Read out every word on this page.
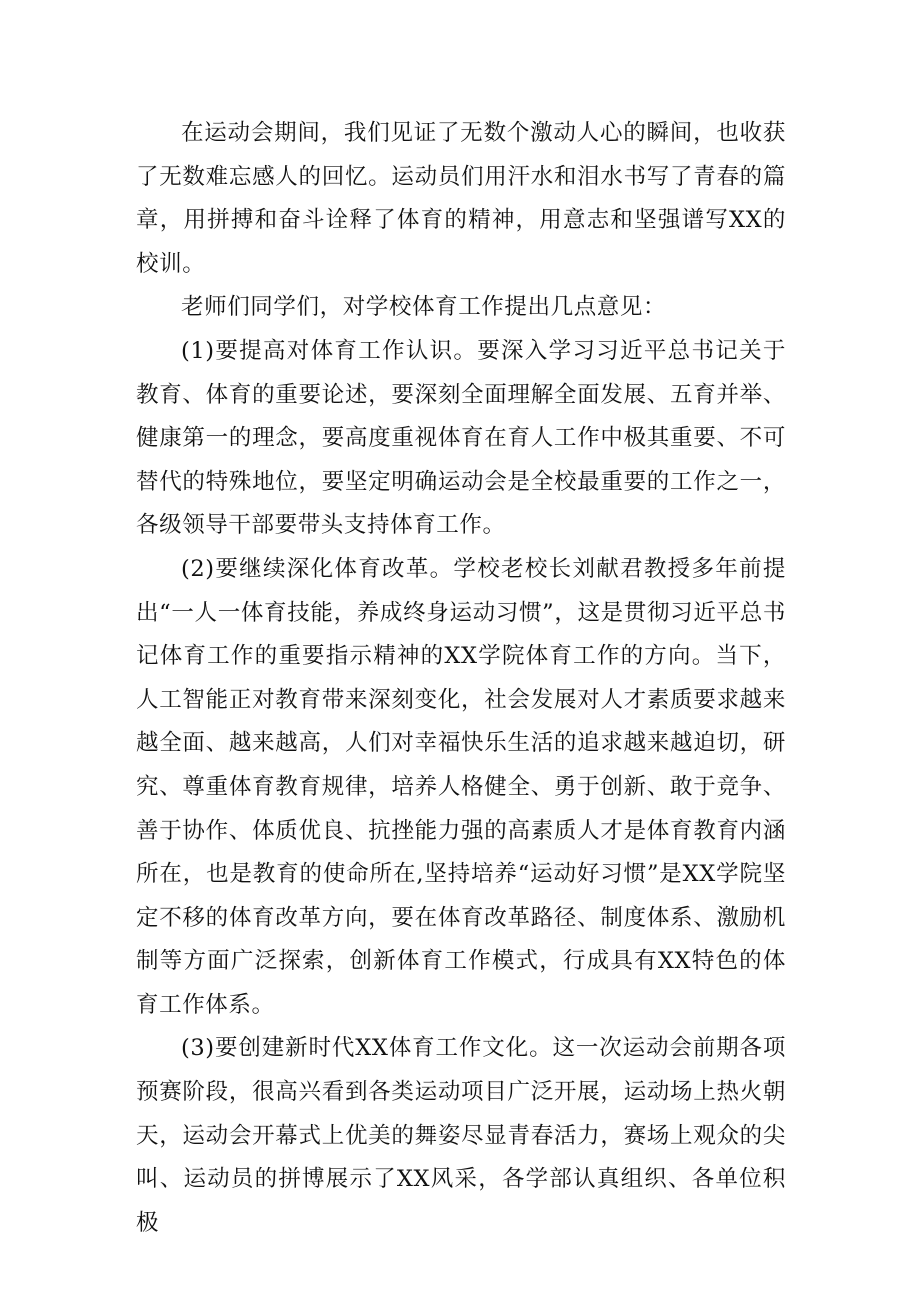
在运动会期间，我们见证了无数个激动人心的瞬间，也收获了无数难忘感人的回忆。运动员们用汗水和泪水书写了青春的篇章，用拼搏和奋斗诠释了体育的精神，用意志和坚强谱写XX的校训。

老师们同学们，对学校体育工作提出几点意见：

(1)要提高对体育工作认识。要深入学习习近平总书记关于教育、体育的重要论述，要深刻全面理解全面发展、五育并举、健康第一的理念，要高度重视体育在育人工作中极其重要、不可替代的特殊地位，要坚定明确运动会是全校最重要的工作之一，各级领导干部要带头支持体育工作。

(2)要继续深化体育改革。学校老校长刘献君教授多年前提出“一人一体育技能，养成终身运动习惯”，这是贯彻习近平总书记体育工作的重要指示精神的XX学院体育工作的方向。当下，人工智能正对教育带来深刻变化，社会发展对人才素质要求越来越全面、越来越高，人们对幸福快乐生活的追求越来越迫切，研究、尊重体育教育规律，培养人格健全、勇于创新、敢于竞争、善于协作、体质优良、抗挫能力强的高素质人才是体育教育内涵所在，也是教育的使命所在,坚持培养“运动好习惯”是XX学院坚定不移的体育改革方向，要在体育改革路径、制度体系、激励机制等方面广泛探索，创新体育工作模式，行成具有XX特色的体育工作体系。

(3)要创建新时代XX体育工作文化。这一次运动会前期各项预赛阶段，很高兴看到各类运动项目广泛开展，运动场上热火朝天，运动会开幕式上优美的舞姿尽显青春活力，赛场上观众的尖叫、运动员的拼博展示了XX风采，各学部认真组织、各单位积极
